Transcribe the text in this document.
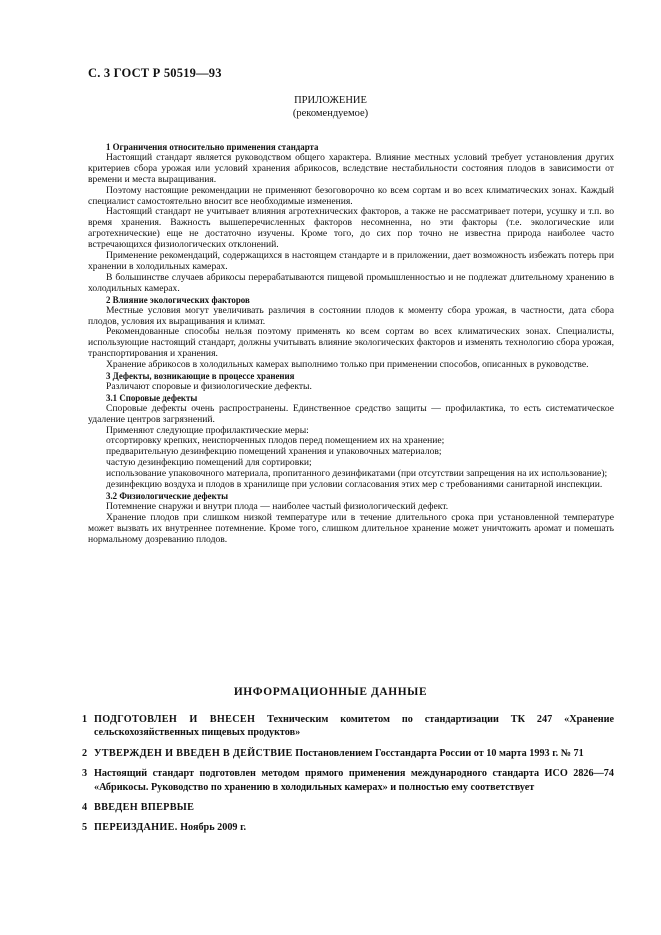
С. 3 ГОСТ Р 50519—93
ПРИЛОЖЕНИЕ
(рекомендуемое)

1 Ограничения относительно применения стандарта

Настоящий стандарт является руководством общего характера. Влияние местных условий требует установления других критериев сбора урожая или условий хранения абрикосов, вследствие нестабильности состояния плодов в зависимости от времени и места выращивания.

Поэтому настоящие рекомендации не применяют безоговорочно ко всем сортам и во всех климатических зонах. Каждый специалист самостоятельно вносит все необходимые изменения.

Настоящий стандарт не учитывает влияния агротехнических факторов, а также не рассматривает потери, усушку и т.п. во время хранения. Важность вышеперечисленных факторов несомненна, но эти факторы (т.е. экологические или агротехнические) еще не достаточно изучены. Кроме того, до сих пор точно не известна природа наиболее часто встречающихся физиологических отклонений.

Применение рекомендаций, содержащихся в настоящем стандарте и в приложении, дает возможность избежать потерь при хранении в холодильных камерах.

В большинстве случаев абрикосы перерабатываются пищевой промышленностью и не подлежат длительному хранению в холодильных камерах.

2 Влияние экологических факторов

Местные условия могут увеличивать различия в состоянии плодов к моменту сбора урожая, в частности, дата сбора плодов, условия их выращивания и климат.

Рекомендованные способы нельзя поэтому применять ко всем сортам во всех климатических зонах. Специалисты, использующие настоящий стандарт, должны учитывать влияние экологических факторов и изменять технологию сбора урожая, транспортирования и хранения.

Хранение абрикосов в холодильных камерах выполнимо только при применении способов, описанных в руководстве.

3 Дефекты, возникающие в процессе хранения

Различают споровые и физиологические дефекты.

3.1 Споровые дефекты

Споровые дефекты очень распространены. Единственное средство защиты — профилактика, то есть систематическое удаление центров загрязнений.

Применяют следующие профилактические меры:

отсортировку крепких, неиспорченных плодов перед помещением их на хранение;

предварительную дезинфекцию помещений хранения и упаковочных материалов;

частую дезинфекцию помещений для сортировки;

использование упаковочного материала, пропитанного дезинфикатами (при отсутствии запрещения на их использование);

дезинфекцию воздуха и плодов в хранилище при условии согласования этих мер с требованиями санитарной инспекции.

3.2 Физиологические дефекты

Потемнение снаружи и внутри плода — наиболее частый физиологический дефект.

Хранение плодов при слишком низкой температуре или в течение длительного срока при установленной температуре может вызвать их внутреннее потемнение. Кроме того, слишком длительное хранение может уничтожить аромат и помешать нормальному дозреванию плодов.

ИНФОРМАЦИОННЫЕ ДАННЫЕ
1 ПОДГОТОВЛЕН И ВНЕСЕН Техническим комитетом по стандартизации ТК 247 «Хранение сельскохозяйственных пищевых продуктов»
2 УТВЕРЖДЕН И ВВЕДЕН В ДЕЙСТВИЕ Постановлением Госстандарта России от 10 марта 1993 г. № 71
3 Настоящий стандарт подготовлен методом прямого применения международного стандарта ИСО 2826—74 «Абрикосы. Руководство по хранению в холодильных камерах» и полностью ему соответствует
4 ВВЕДЕН ВПЕРВЫЕ
5 ПЕРЕИЗДАНИЕ. Ноябрь 2009 г.
